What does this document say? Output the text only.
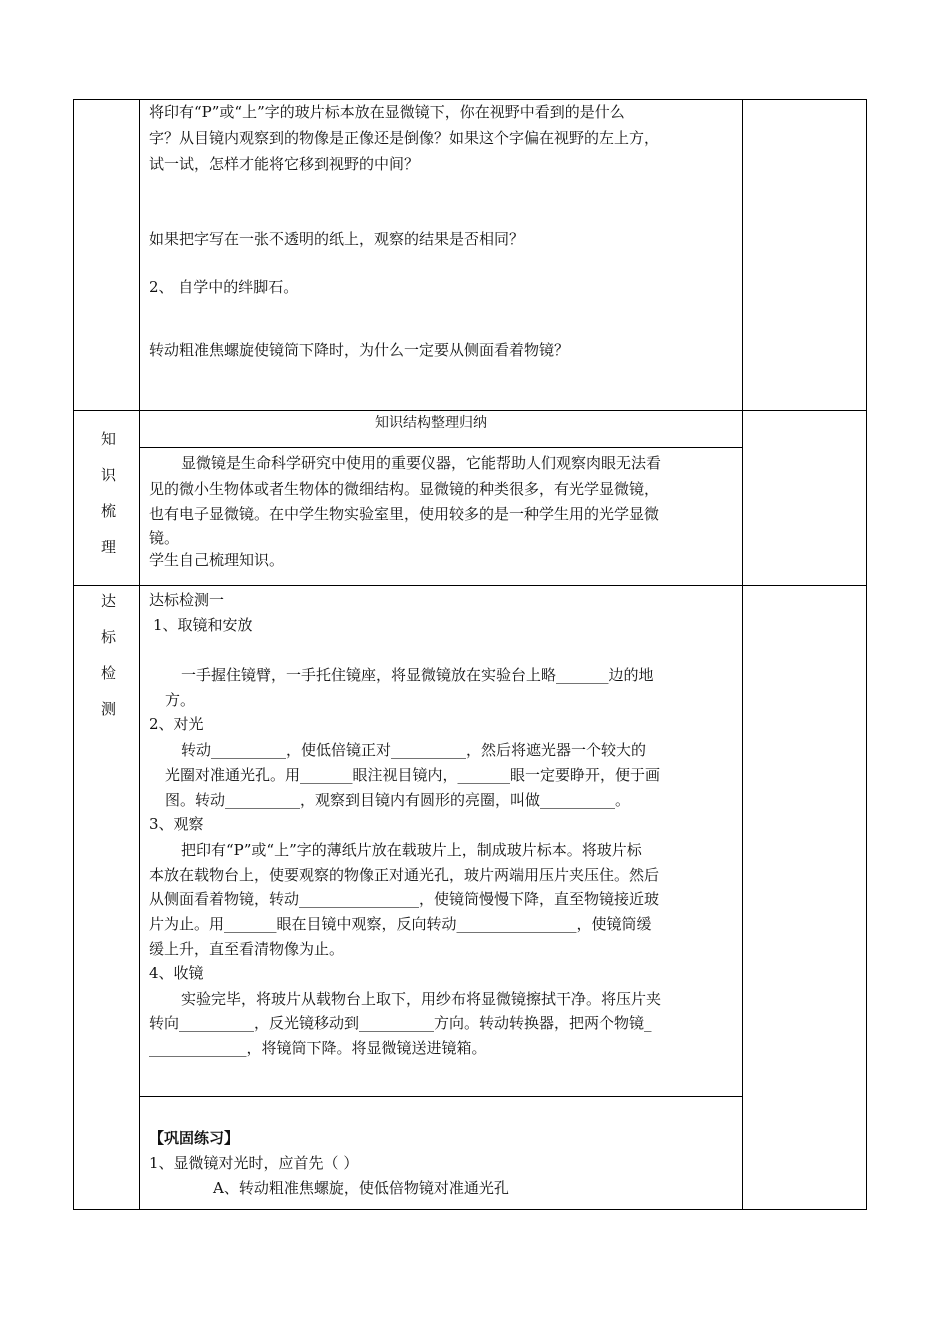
将印有“P”或“上”字的玻片标本放在显微镜下，你在视野中看到的是什么
字？从目镜内观察到的物像是正像还是倒像？如果这个字偏在视野的左上方，
试一试，怎样才能将它移到视野的中间？
如果把字写在一张不透明的纸上，观察的结果是否相同？
2、 自学中的绊脚石。
转动粗准焦螺旋使镜筒下降时，为什么一定要从侧面看着物镜？
知
识
梳
理
知识结构整理归纳
显微镜是生命科学研究中使用的重要仪器，它能帮助人们观察肉眼无法看
见的微小生物体或者生物体的微细结构。显微镜的种类很多，有光学显微镜，
也有电子显微镜。在中学生物实验室里，使用较多的是一种学生用的光学显微
镜。
学生自己梳理知识。
达
标
检
测
达标检测一
1、取镜和安放
一手握住镜臂，一手托住镜座，将显微镜放在实验台上略_______边的地
方。
2、对光
转动__________，使低倍镜正对__________，然后将遮光器一个较大的
光圈对准通光孔。用_______眼注视目镜内，_______眼一定要睁开，便于画
图。转动__________，观察到目镜内有圆形的亮圈，叫做__________。
3、观察
把印有“P”或“上”字的薄纸片放在载玻片上，制成玻片标本。将玻片标
本放在载物台上，使要观察的物像正对通光孔，玻片两端用压片夹压住。然后
从侧面看着物镜，转动________________，使镜筒慢慢下降，直至物镜接近玻
片为止。用_______眼在目镜中观察，反向转动________________，使镜筒缓
缓上升，直至看清物像为止。
4、收镜
实验完毕，将玻片从载物台上取下，用纱布将显微镜擦拭干净。将压片夹
转向__________，反光镜移动到__________方向。转动转换器，把两个物镜_
_____________，将镜筒下降。将显微镜送进镜箱。
【巩固练习】
1、显微镜对光时，应首先（ ）
A、转动粗准焦螺旋，使低倍物镜对准通光孔
